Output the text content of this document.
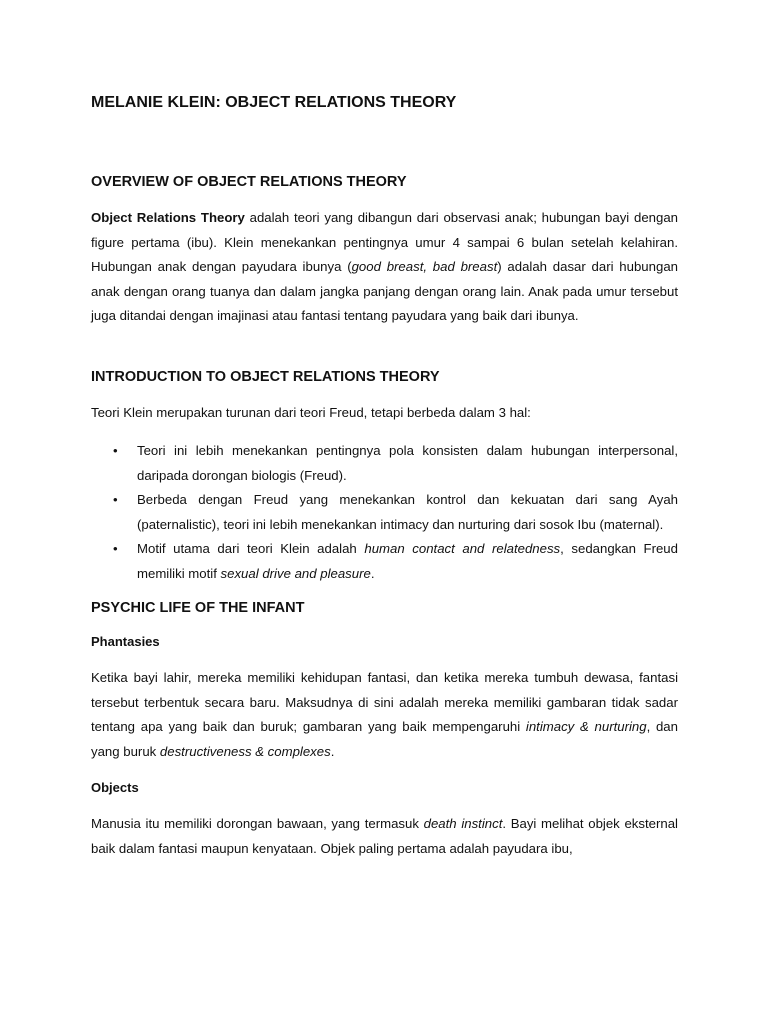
MELANIE KLEIN: OBJECT RELATIONS THEORY
OVERVIEW OF OBJECT RELATIONS THEORY

Object Relations Theory adalah teori yang dibangun dari observasi anak; hubungan bayi dengan figure pertama (ibu). Klein menekankan pentingnya umur 4 sampai 6 bulan setelah kelahiran. Hubungan anak dengan payudara ibunya (good breast, bad breast) adalah dasar dari hubungan anak dengan orang tuanya dan dalam jangka panjang dengan orang lain. Anak pada umur tersebut juga ditandai dengan imajinasi atau fantasi tentang payudara yang baik dari ibunya.

INTRODUCTION TO OBJECT RELATIONS THEORY

Teori Klein merupakan turunan dari teori Freud, tetapi berbeda dalam 3 hal:

• Teori ini lebih menekankan pentingnya pola konsisten dalam hubungan interpersonal, daripada dorongan biologis (Freud).
• Berbeda dengan Freud yang menekankan kontrol dan kekuatan dari sang Ayah (paternalistic), teori ini lebih menekankan intimacy dan nurturing dari sosok Ibu (maternal).
• Motif utama dari teori Klein adalah human contact and relatedness, sedangkan Freud memiliki motif sexual drive and pleasure.
PSYCHIC LIFE OF THE INFANT
Phantasies

Ketika bayi lahir, mereka memiliki kehidupan fantasi, dan ketika mereka tumbuh dewasa, fantasi tersebut terbentuk secara baru. Maksudnya di sini adalah mereka memiliki gambaran tidak sadar tentang apa yang baik dan buruk; gambaran yang baik mempengaruhi intimacy & nurturing, dan yang buruk destructiveness & complexes.

Objects

Manusia itu memiliki dorongan bawaan, yang termasuk death instinct. Bayi melihat objek eksternal baik dalam fantasi maupun kenyataan. Objek paling pertama adalah payudara ibu,
